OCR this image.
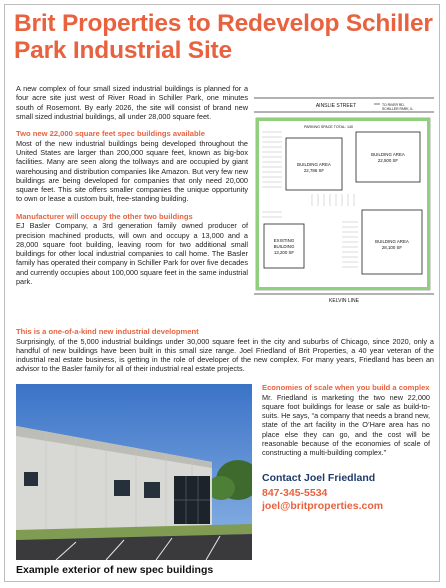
Brit Properties to Redevelop Schiller Park Industrial Site

A new complex of four small sized industrial buildings is planned for a four acre site just west of River Road in Schiller Park, one minutes south of Rosemont. By early 2026, the site will consist of brand new small sized industrial buildings, all under 28,000 square feet.

Two new 22,000 square feet spec buildings available

Most of the new industrial buildings being developed throughout the United States are larger than 200,000 square feet, known as big-box facilities. Many are seen along the tollways and are occupied by giant warehousing and distribution companies like Amazon. But very few new buildings are being developed for companies that only need 20,000 square feet. This site offers smaller companies the unique opportunity to own or lease a custom built, free-standing building.

Manufacturer will occupy the other two buildings

EJ Basler Company, a 3rd generation family owned producer of precision machined products, will own and occupy a 13,000 and a 28,000 square foot building, leaving room for two additional small buildings for other local industrial companies to call home. The Basler family has operated their company in Schiller Park for over five decades and currently occupies about 100,000 square feet in the same industrial park.

AINSLIE STREET	TO RIVER RD.
SCHILLER PARK, IL
PARKING SPACE TOTAL: 140
BUILDING AREA
22,500 SF
BUILDING AREA
22,786 SF
BUILDING AREA
28,100 SF
EXISTING
BUILDING
13,200 SF
KELVIN LINE

This is a one-of-a-kind new industrial development

Surprisingly, of the 5,000 industrial buildings under 30,000 square feet in the city and suburbs of Chicago, since 2020, only a handful of new buildings have been built in this small size range. Joel Friedland of Brit Properties, a 40 year veteran of the industrial real estate business, is getting in the role of developer of the new complex. For many years, Friedland has been an advisor to the Basler family for all of their industrial real estate projects.

Example exterior of new spec buildings

Economies of scale when you build a complex

Mr. Friedland is marketing the two new 22,000 square foot buildings for lease or sale as build-to-suits. He says, “a company that needs a brand new, state of the art facility in the O’Hare area has no place else they can go, and the cost will be reasonable because of the economies of scale of constructing a multi-building complex.”

Contact Joel Friedland

847-345-5534

joel@britproperties.com
